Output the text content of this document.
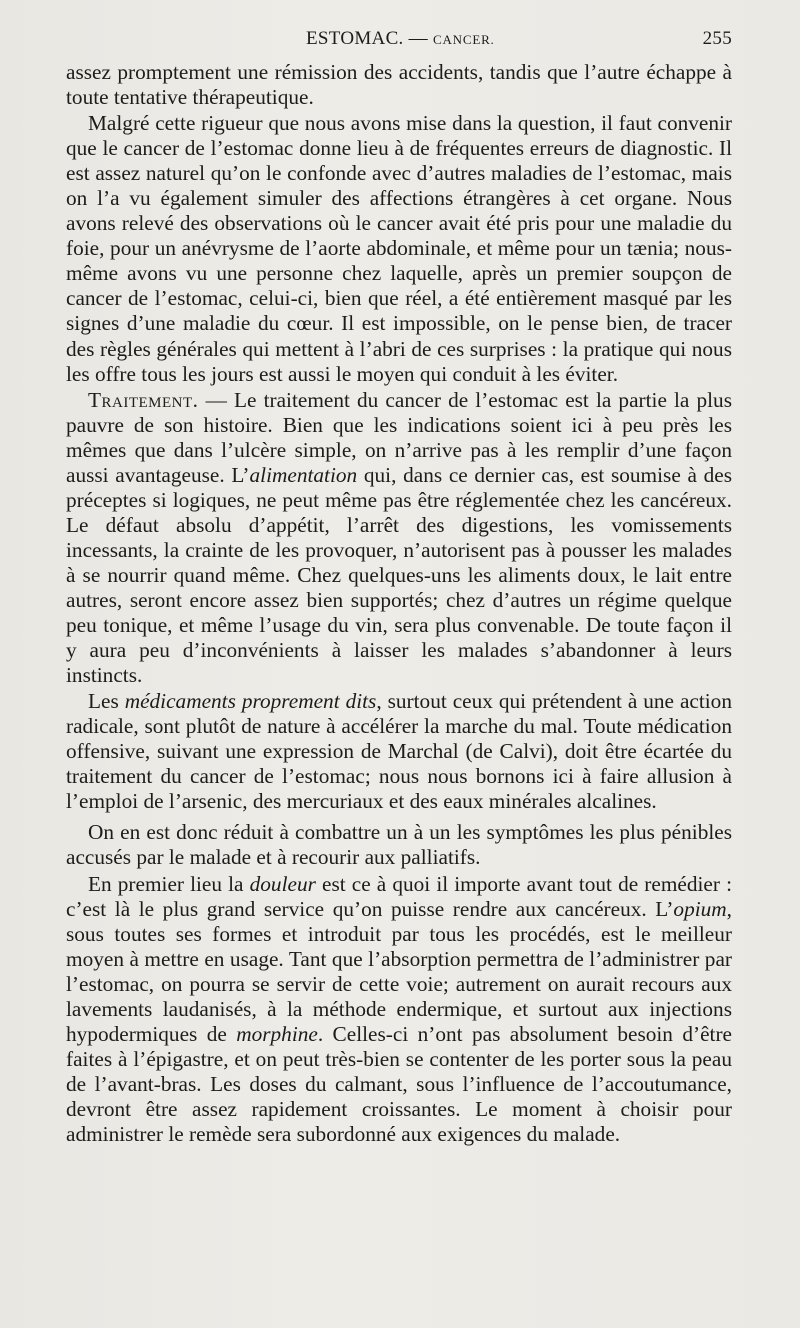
ESTOMAC. — CANCER.	255

assez promptement une rémission des accidents, tandis que l’autre échappe à toute tentative thérapeutique.

Malgré cette rigueur que nous avons mise dans la question, il faut convenir que le cancer de l’estomac donne lieu à de fréquentes erreurs de diagnostic. Il est assez naturel qu’on le confonde avec d’autres maladies de l’estomac, mais on l’a vu également simuler des affections étrangères à cet organe. Nous avons relevé des observations où le cancer avait été pris pour une maladie du foie, pour un anévrysme de l’aorte abdominale, et même pour un tænia; nous-même avons vu une personne chez laquelle, après un premier soupçon de cancer de l’estomac, celui-ci, bien que réel, a été entièrement masqué par les signes d’une maladie du cœur. Il est impossible, on le pense bien, de tracer des règles générales qui mettent à l’abri de ces surprises : la pratique qui nous les offre tous les jours est aussi le moyen qui conduit à les éviter.

Traitement. — Le traitement du cancer de l’estomac est la partie la plus pauvre de son histoire. Bien que les indications soient ici à peu près les mêmes que dans l’ulcère simple, on n’arrive pas à les remplir d’une façon aussi avantageuse. L’alimentation qui, dans ce dernier cas, est soumise à des préceptes si logiques, ne peut même pas être réglementée chez les cancéreux. Le défaut absolu d’appétit, l’arrêt des digestions, les vomissements incessants, la crainte de les provoquer, n’autorisent pas à pousser les malades à se nourrir quand même. Chez quelques-uns les aliments doux, le lait entre autres, seront encore assez bien supportés; chez d’autres un régime quelque peu tonique, et même l’usage du vin, sera plus convenable. De toute façon il y aura peu d’inconvénients à laisser les malades s’abandonner à leurs instincts.

Les médicaments proprement dits, surtout ceux qui prétendent à une action radicale, sont plutôt de nature à accélérer la marche du mal. Toute médication offensive, suivant une expression de Marchal (de Calvi), doit être écartée du traitement du cancer de l’estomac; nous nous bornons ici à faire allusion à l’emploi de l’arsenic, des mercuriaux et des eaux minérales alcalines.

On en est donc réduit à combattre un à un les symptômes les plus pénibles accusés par le malade et à recourir aux palliatifs.

En premier lieu la douleur est ce à quoi il importe avant tout de remédier : c’est là le plus grand service qu’on puisse rendre aux cancéreux. L’opium, sous toutes ses formes et introduit par tous les procédés, est le meilleur moyen à mettre en usage. Tant que l’absorption permettra de l’administrer par l’estomac, on pourra se servir de cette voie; autrement on aurait recours aux lavements laudanisés, à la méthode endermique, et surtout aux injections hypodermiques de morphine. Celles-ci n’ont pas absolument besoin d’être faites à l’épigastre, et on peut très-bien se contenter de les porter sous la peau de l’avant-bras. Les doses du calmant, sous l’influence de l’accoutumance, devront être assez rapidement croissantes. Le moment à choisir pour administrer le remède sera subordonné aux exigences du malade.
